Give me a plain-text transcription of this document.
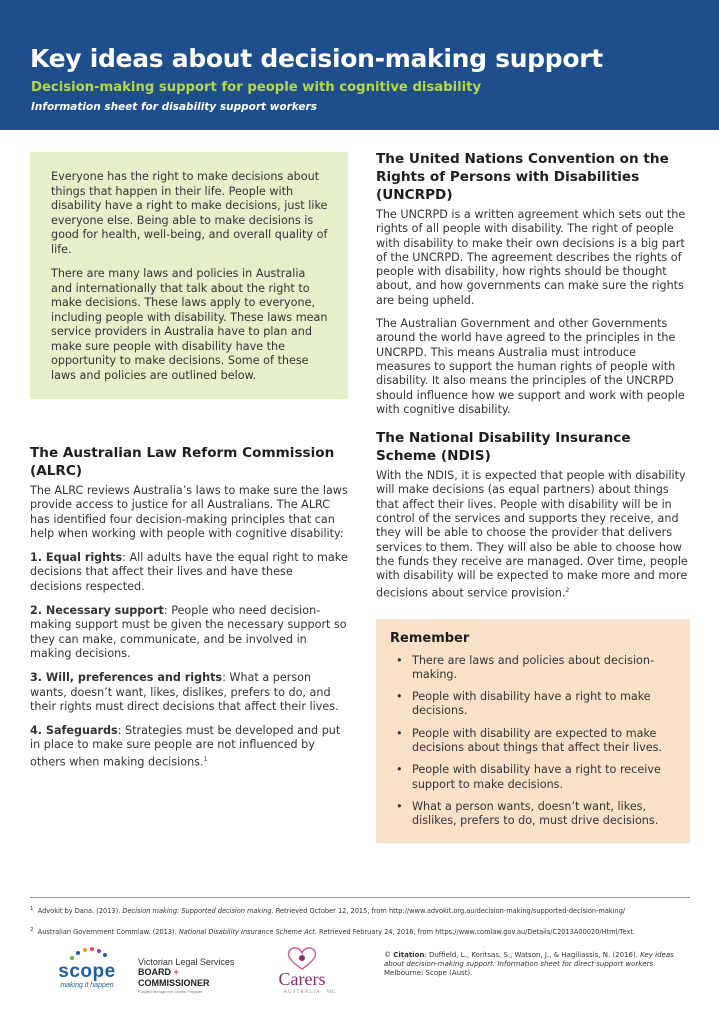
Key ideas about decision-making support
Decision-making support for people with cognitive disability
Information sheet for disability support workers

Everyone has the right to make decisions about things that happen in their life. People with disability have a right to make decisions, just like everyone else. Being able to make decisions is good for health, well-being, and overall quality of life.

There are many laws and policies in Australia and internationally that talk about the right to make decisions. These laws apply to everyone, including people with disability. These laws mean service providers in Australia have to plan and make sure people with disability have the opportunity to make decisions. Some of these laws and policies are outlined below.

The Australian Law Reform Commission (ALRC)

The ALRC reviews Australia’s laws to make sure the laws provide access to justice for all Australians. The ALRC has identified four decision-making principles that can help when working with people with cognitive disability:

1. Equal rights: All adults have the equal right to make decisions that affect their lives and have these decisions respected.

2. Necessary support: People who need decision-making support must be given the necessary support so they can make, communicate, and be involved in making decisions.

3. Will, preferences and rights: What a person wants, doesn’t want, likes, dislikes, prefers to do, and their rights must direct decisions that affect their lives.

4. Safeguards: Strategies must be developed and put in place to make sure people are not influenced by others when making decisions.$^1$

The United Nations Convention on the Rights of Persons with Disabilities (UNCRPD)

The UNCRPD is a written agreement which sets out the rights of all people with disability. The right of people with disability to make their own decisions is a big part of the UNCRPD. The agreement describes the rights of people with disability, how rights should be thought about, and how governments can make sure the rights are being upheld.

The Australian Government and other Governments around the world have agreed to the principles in the UNCRPD. This means Australia must introduce measures to support the human rights of people with disability. It also means the principles of the UNCRPD should influence how we support and work with people with cognitive disability.

The National Disability Insurance Scheme (NDIS)

With the NDIS, it is expected that people with disability will make decisions (as equal partners) about things that affect their lives. People with disability will be in control of the services and supports they receive, and they will be able to choose the provider that delivers services to them. They will also be able to choose how the funds they receive are managed. Over time, people with disability will be expected to make more and more decisions about service provision.$^2$

Remember
• There are laws and policies about decision-making.
• People with disability have a right to make decisions.
• People with disability are expected to make decisions about things that affect their lives.
• People with disability have a right to receive support to make decisions.
• What a person wants, doesn’t want, likes, dislikes, prefers to do, must drive decisions.
$^1$ Advokit by Dana. (2013). Decision making: Supported decision making. Retrieved October 12, 2015, from http://www.advokit.org.au/decision-making/supported-decision-making/
$^2$ Australian Government Commlaw. (2013). National Disability Insurance Scheme Act. Retrieved February 24, 2016, from https://www.comlaw.gov.au/Details/C2013A00020/Html/Text.
scope
making it happen
Victorian Legal Services
BOARD + COMMISSIONER
Funded through the Grants Program
Carers
VIC
AUSTRALIA
© Citation: Duffield, L., Koritsas, S., Watson, J., & Hagiliassis, N. (2016). Key ideas about decision-making support: Information sheet for direct support workers. Melbourne: Scope (Aust).
